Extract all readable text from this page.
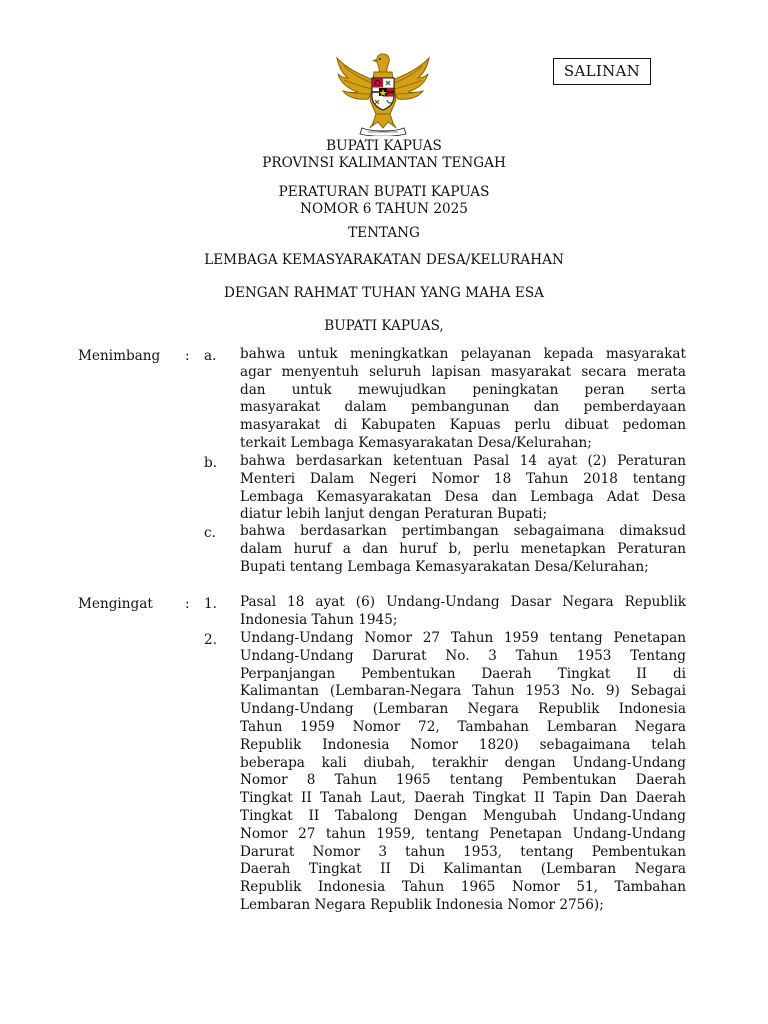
SALINAN
BUPATI KAPUAS
PROVINSI KALIMANTAN TENGAH
PERATURAN BUPATI KAPUAS
NOMOR 6 TAHUN 2025
TENTANG
LEMBAGA KEMASYARAKATAN DESA/KELURAHAN
DENGAN RAHMAT TUHAN YANG MAHA ESA
BUPATI KAPUAS,
Menimbang : a. bahwa untuk meningkatkan pelayanan kepada masyarakat
agar menyentuh seluruh lapisan masyarakat secara merata
dan untuk mewujudkan peningkatan peran serta
masyarakat dalam pembangunan dan pemberdayaan
masyarakat di Kabupaten Kapuas perlu dibuat pedoman
terkait Lembaga Kemasyarakatan Desa/Kelurahan;
b. bahwa berdasarkan ketentuan Pasal 14 ayat (2) Peraturan
Menteri Dalam Negeri Nomor 18 Tahun 2018 tentang
Lembaga Kemasyarakatan Desa dan Lembaga Adat Desa
diatur lebih lanjut dengan Peraturan Bupati;
c. bahwa berdasarkan pertimbangan sebagaimana dimaksud
dalam huruf a dan huruf b, perlu menetapkan Peraturan
Bupati tentang Lembaga Kemasyarakatan Desa/Kelurahan;
Mengingat : 1. Pasal 18 ayat (6) Undang-Undang Dasar Negara Republik
Indonesia Tahun 1945;
2. Undang-Undang Nomor 27 Tahun 1959 tentang Penetapan
Undang-Undang Darurat No. 3 Tahun 1953 Tentang
Perpanjangan Pembentukan Daerah Tingkat II di
Kalimantan (Lembaran-Negara Tahun 1953 No. 9) Sebagai
Undang-Undang (Lembaran Negara Republik Indonesia
Tahun 1959 Nomor 72, Tambahan Lembaran Negara
Republik Indonesia Nomor 1820) sebagaimana telah
beberapa kali diubah, terakhir dengan Undang-Undang
Nomor 8 Tahun 1965 tentang Pembentukan Daerah
Tingkat II Tanah Laut, Daerah Tingkat II Tapin Dan Daerah
Tingkat II Tabalong Dengan Mengubah Undang-Undang
Nomor 27 tahun 1959, tentang Penetapan Undang-Undang
Darurat Nomor 3 tahun 1953, tentang Pembentukan
Daerah Tingkat II Di Kalimantan (Lembaran Negara
Republik Indonesia Tahun 1965 Nomor 51, Tambahan
Lembaran Negara Republik Indonesia Nomor 2756);
